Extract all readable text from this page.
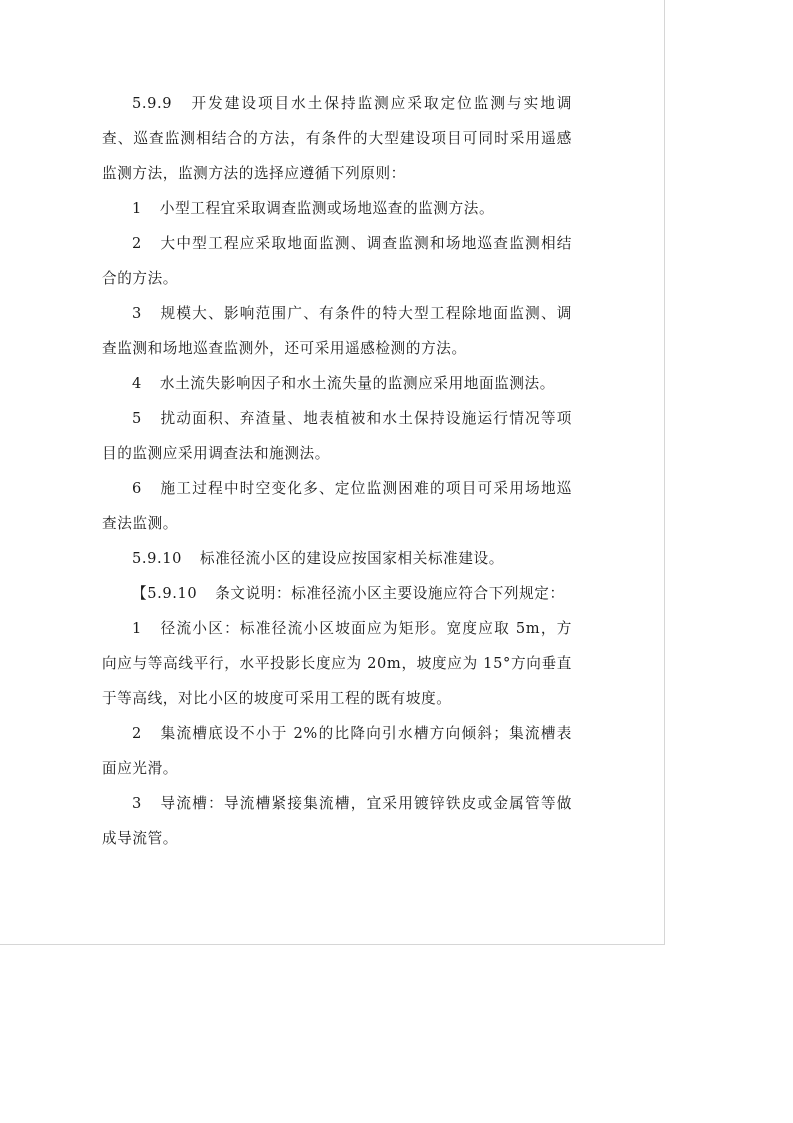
5.9.9 开发建设项目水土保持监测应采取定位监测与实地调
查、巡查监测相结合的方法，有条件的大型建设项目可同时采用遥感
监测方法，监测方法的选择应遵循下列原则：
1 小型工程宜采取调查监测或场地巡查的监测方法。
2 大中型工程应采取地面监测、调查监测和场地巡查监测相结
合的方法。
3 规模大、影响范围广、有条件的特大型工程除地面监测、调
查监测和场地巡查监测外，还可采用遥感检测的方法。
4 水土流失影响因子和水土流失量的监测应采用地面监测法。
5 扰动面积、弃渣量、地表植被和水土保持设施运行情况等项
目的监测应采用调查法和施测法。
6 施工过程中时空变化多、定位监测困难的项目可采用场地巡
查法监测。
5.9.10 标准径流小区的建设应按国家相关标准建设。
【5.9.10 条文说明：标准径流小区主要设施应符合下列规定：
1 径流小区：标准径流小区坡面应为矩形。宽度应取 5m，方
向应与等高线平行，水平投影长度应为 20m，坡度应为 15°方向垂直
于等高线，对比小区的坡度可采用工程的既有坡度。
2 集流槽底设不小于 2%的比降向引水槽方向倾斜；集流槽表
面应光滑。
3 导流槽：导流槽紧接集流槽，宜采用镀锌铁皮或金属管等做
成导流管。
